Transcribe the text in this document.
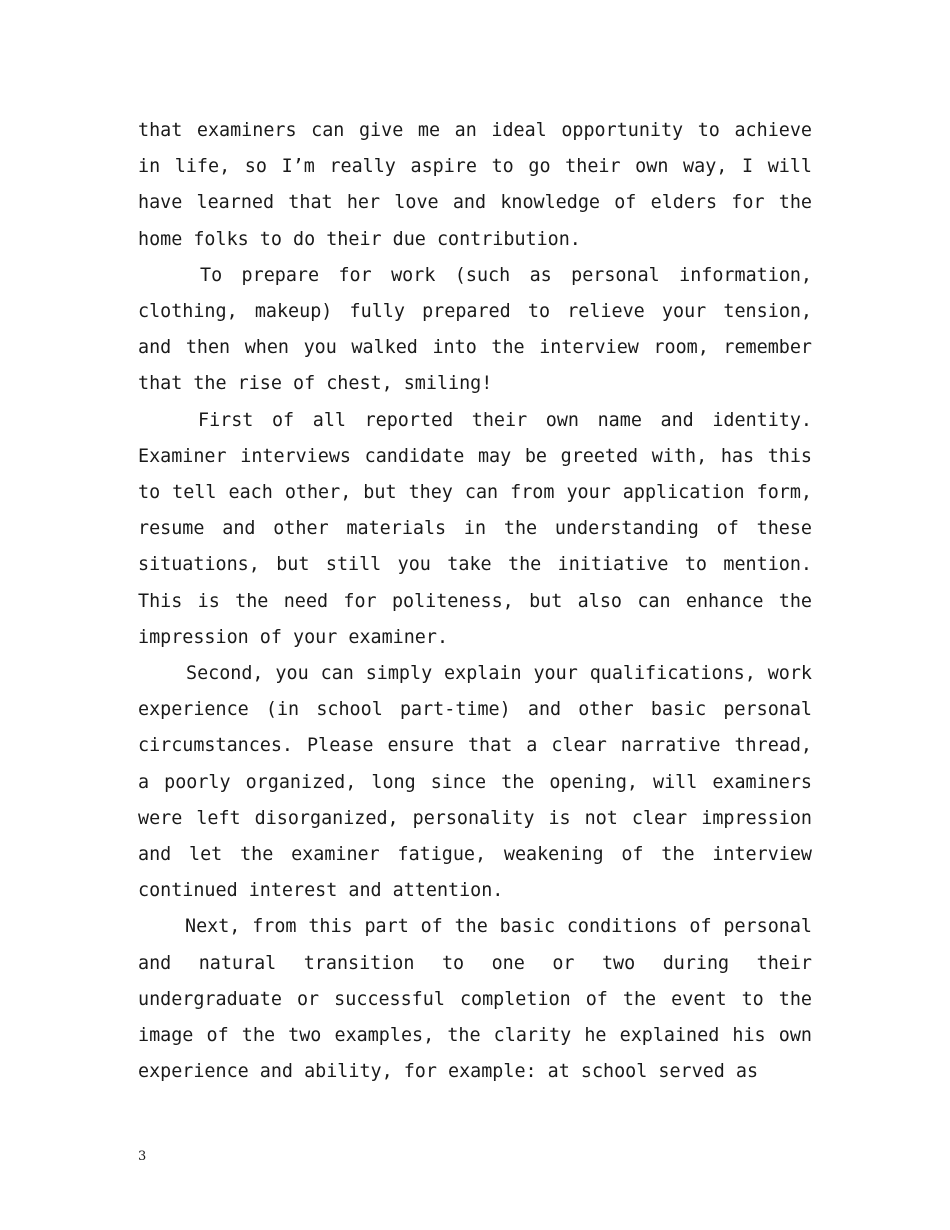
that examiners can give me an ideal opportunity to achieve in life, so I’m really aspire to go their own way, I will have learned that her love and knowledge of elders for the home folks to do their due contribution.

To prepare for work (such as personal information, clothing, makeup) fully prepared to relieve your tension, and then when you walked into the interview room, remember that the rise of chest, smiling!

First of all reported their own name and identity. Examiner interviews candidate may be greeted with, has this to tell each other, but they can from your application form, resume and other materials in the understanding of these situations, but still you take the initiative to mention. This is the need for politeness, but also can enhance the impression of your examiner.

Second, you can simply explain your qualifications, work experience (in school part-time) and other basic personal circumstances. Please ensure that a clear narrative thread, a poorly organized, long since the opening, will examiners were left disorganized, personality is not clear impression and let the examiner fatigue, weakening of the interview continued interest and attention.

Next, from this part of the basic conditions of personal and natural transition to one or two during their undergraduate or successful completion of the event to the image of the two examples, the clarity he explained his own experience and ability, for example: at school served as

3
